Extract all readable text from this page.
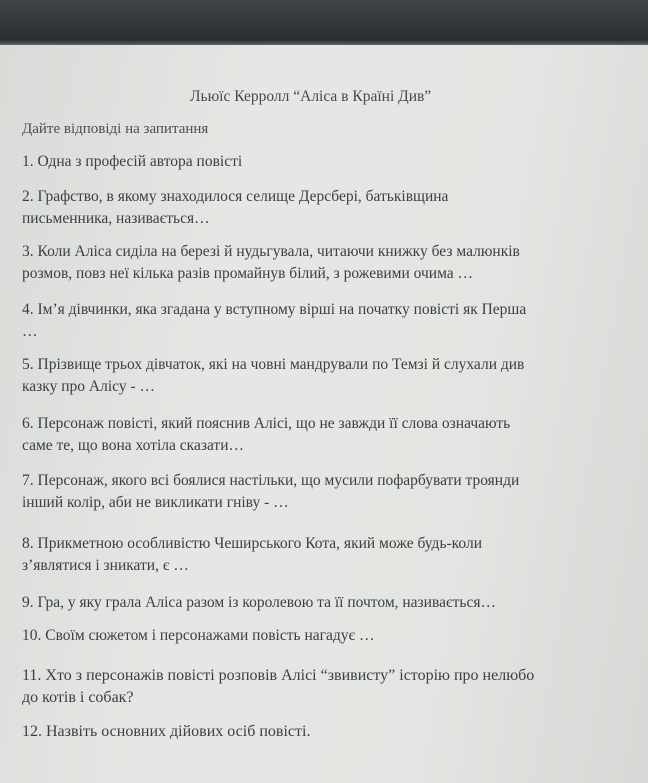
Льюїс Керролл “Аліса в Країні Див”
Дайте відповіді на запитання
1. Одна з професій автора повісті
2. Графство, в якому знаходилося селище Дерсбері, батьківщина
письменника, називається…
3. Коли Аліса сиділа на березі й нудьгувала, читаючи книжку без малюнків
розмов, повз неї кілька разів промайнув білий, з рожевими очима …
4. Ім’я дівчинки, яка згадана у вступному вірші на початку повісті як Перша
…
5. Прізвище трьох дівчаток, які на човні мандрували по Темзі й слухали див
казку про Алісу - …
6. Персонаж повісті, який пояснив Алісі, що не завжди її слова означають
саме те, що вона хотіла сказати…
7. Персонаж, якого всі боялися настільки, що мусили пофарбувати троянди
інший колір, аби не викликати гніву - …
8. Прикметною особливістю Чеширського Кота, який може будь-коли
з’являтися і зникати, є …
9. Гра, у яку грала Аліса разом із королевою та її почтом, називається…
10. Своїм сюжетом і персонажами повість нагадує …
11. Хто з персонажів повісті розповів Алісі “звивисту” історію про нелюбо
до котів і собак?
12. Назвіть основних дійових осіб повісті.
